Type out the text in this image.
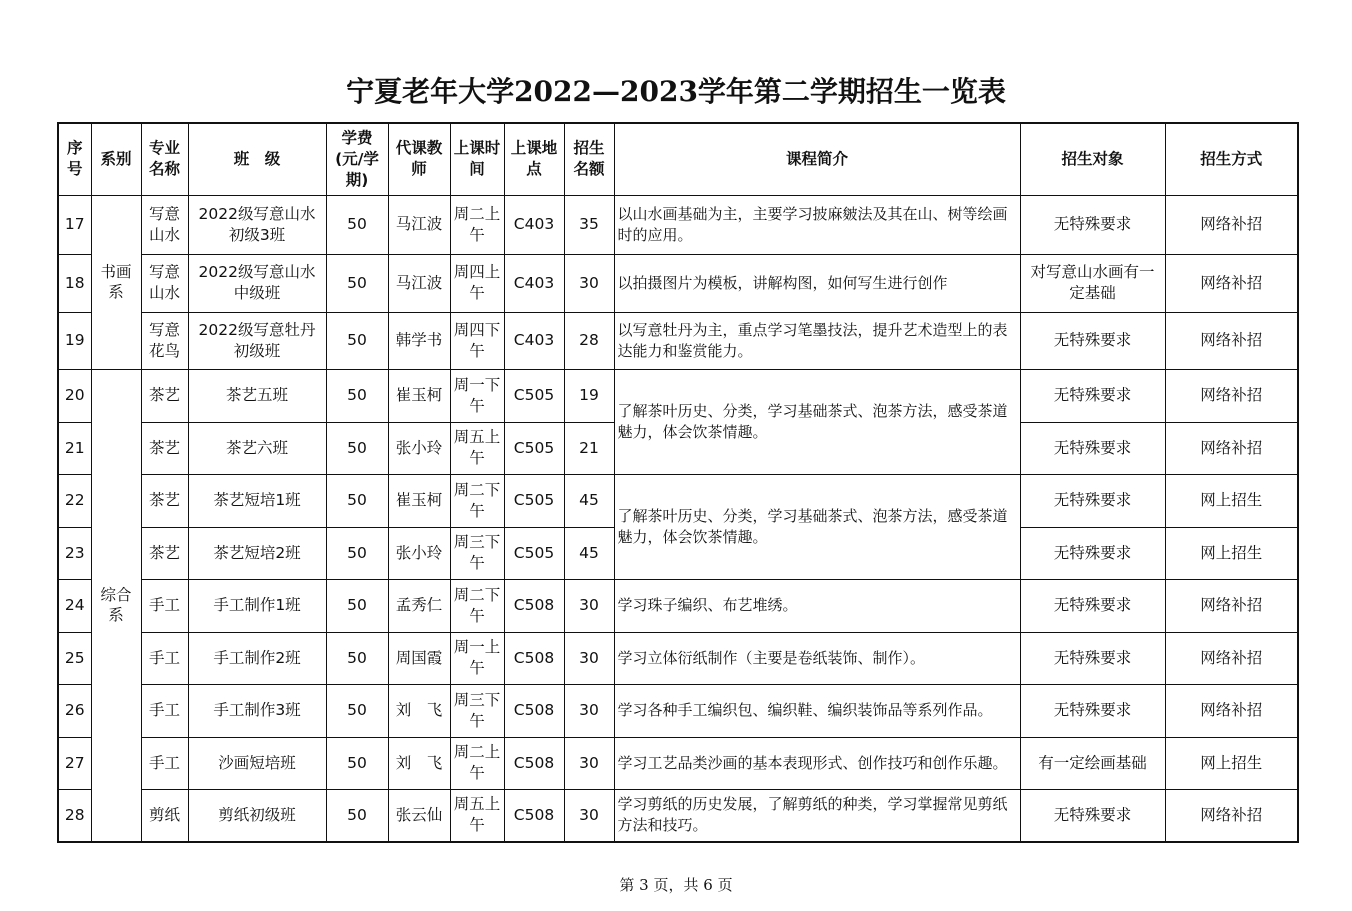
宁夏老年大学2022—2023学年第二学期招生一览表
序号	系别	专业名称	班　级	学费(元/学期)	代课教师	上课时间	上课地点	招生名额	课程简介	招生对象	招生方式
17	书画系	写意山水	2022级写意山水初级3班	50	马江波	周二上午	C403	35	以山水画基础为主，主要学习披麻皴法及其在山、树等绘画时的应用。	无特殊要求	网络补招
18		写意山水	2022级写意山水中级班	50	马江波	周四上午	C403	30	以拍摄图片为模板，讲解构图，如何写生进行创作	对写意山水画有一定基础	网络补招
19		写意花鸟	2022级写意牡丹初级班	50	韩学书	周四下午	C403	28	以写意牡丹为主，重点学习笔墨技法，提升艺术造型上的表达能力和鉴赏能力。	无特殊要求	网络补招
20	综合系	茶艺	茶艺五班	50	崔玉柯	周一下午	C505	19	了解茶叶历史、分类，学习基础茶式、泡茶方法，感受茶道魅力，体会饮茶情趣。	无特殊要求	网络补招
21		茶艺	茶艺六班	50	张小玲	周五上午	C505	21		无特殊要求	网络补招
22		茶艺	茶艺短培1班	50	崔玉柯	周二下午	C505	45	了解茶叶历史、分类，学习基础茶式、泡茶方法，感受茶道魅力，体会饮茶情趣。	无特殊要求	网上招生
23		茶艺	茶艺短培2班	50	张小玲	周三下午	C505	45		无特殊要求	网上招生
24		手工	手工制作1班	50	孟秀仁	周二下午	C508	30	学习珠子编织、布艺堆绣。	无特殊要求	网络补招
25		手工	手工制作2班	50	周国霞	周一上午	C508	30	学习立体衍纸制作（主要是卷纸装饰、制作）。	无特殊要求	网络补招
26		手工	手工制作3班	50	刘　飞	周三下午	C508	30	学习各种手工编织包、编织鞋、编织装饰品等系列作品。	无特殊要求	网络补招
27		手工	沙画短培班	50	刘　飞	周二上午	C508	30	学习工艺品类沙画的基本表现形式、创作技巧和创作乐趣。	有一定绘画基础	网上招生
28		剪纸	剪纸初级班	50	张云仙	周五上午	C508	30	学习剪纸的历史发展，了解剪纸的种类，学习掌握常见剪纸方法和技巧。	无特殊要求	网络补招
第 3 页，共 6 页
